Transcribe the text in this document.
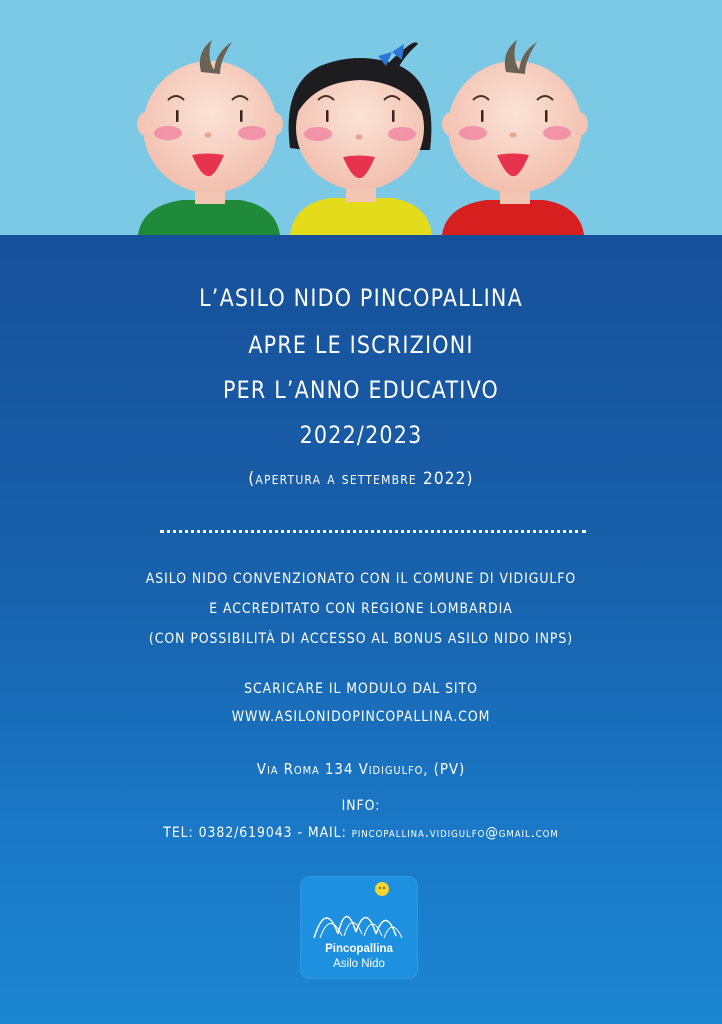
L’ASILO NIDO PINCOPALLINA
APRE LE ISCRIZIONI
PER L’ANNO EDUCATIVO
2022/2023
(apertura a settembre 2022)
ASILO NIDO CONVENZIONATO CON IL COMUNE DI VIDIGULFO
E ACCREDITATO CON REGIONE LOMBARDIA
(CON POSSIBILITÀ DI ACCESSO AL BONUS ASILO NIDO INPS)
SCARICARE IL MODULO DAL SITO
WWW.ASILONIDOPINCOPALLINA.COM
Via Roma 134 Vidigulfo, (PV)
INFO:
TEL: 0382/619043 - MAIL: pincopallina.vidigulfo@gmail.com
Pincopallina
Asilo Nido
